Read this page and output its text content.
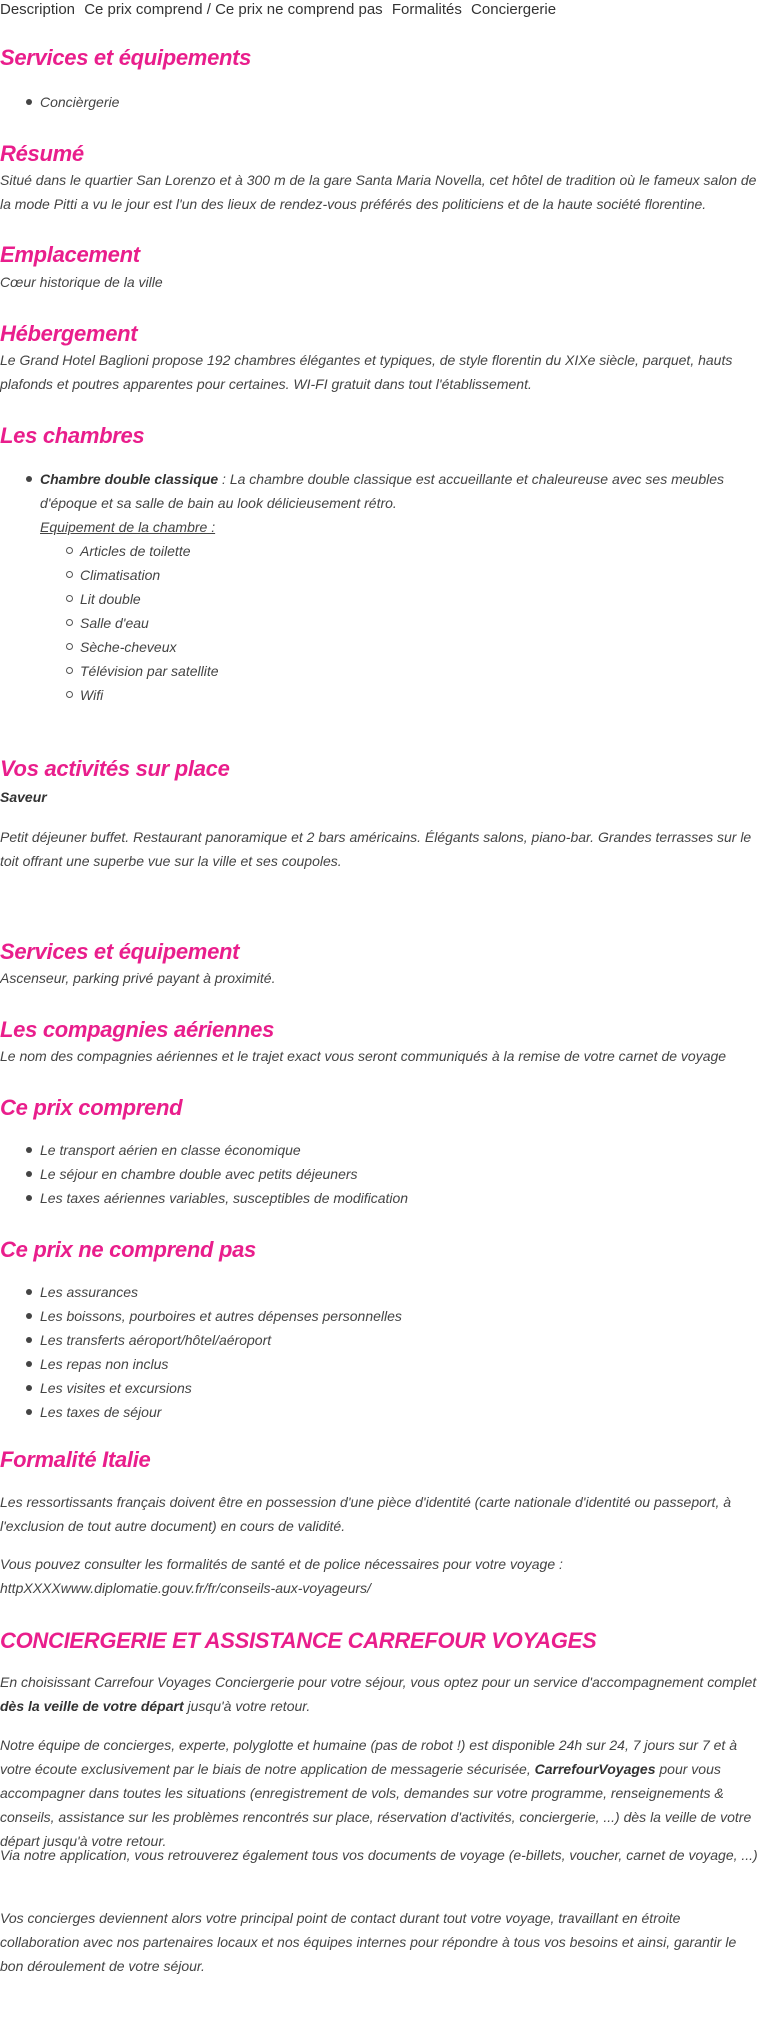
Description Ce prix comprend / Ce prix ne comprend pas Formalités Conciergerie
Services et équipements
Concièrgerie
Résumé

Situé dans le quartier San Lorenzo et à 300 m de la gare Santa Maria Novella, cet hôtel de tradition où le fameux salon de la mode Pitti a vu le jour est l'un des lieux de rendez-vous préférés des politiciens et de la haute société florentine.

Emplacement

Cœur historique de la ville

Hébergement

Le Grand Hotel Baglioni propose 192 chambres élégantes et typiques, de style florentin du XIXe siècle, parquet, hauts plafonds et poutres apparentes pour certaines. WI-FI gratuit dans tout l'établissement.

Les chambres
Chambre double classique : La chambre double classique est accueillante et chaleureuse avec ses meubles d'époque et sa salle de bain au look délicieusement rétro.
Equipement de la chambre :
Articles de toilette
Climatisation
Lit double
Salle d'eau
Sèche-cheveux
Télévision par satellite
Wifi
Vos activités sur place

Saveur

Petit déjeuner buffet. Restaurant panoramique et 2 bars américains. Élégants salons, piano-bar. Grandes terrasses sur le toit offrant une superbe vue sur la ville et ses coupoles.

Services et équipement

Ascenseur, parking privé payant à proximité.

Les compagnies aériennes

Le nom des compagnies aériennes et le trajet exact vous seront communiqués à la remise de votre carnet de voyage

Ce prix comprend
Le transport aérien en classe économique
Le séjour en chambre double avec petits déjeuners
Les taxes aériennes variables, susceptibles de modification
Ce prix ne comprend pas
Les assurances
Les boissons, pourboires et autres dépenses personnelles
Les transferts aéroport/hôtel/aéroport
Les repas non inclus
Les visites et excursions
Les taxes de séjour
Formalité Italie

Les ressortissants français doivent être en possession d'une pièce d'identité (carte nationale d'identité ou passeport, à l'exclusion de tout autre document) en cours de validité.

Vous pouvez consulter les formalités de santé et de police nécessaires pour votre voyage : httpXXXXwww.diplomatie.gouv.fr/fr/conseils-aux-voyageurs/

CONCIERGERIE ET ASSISTANCE CARREFOUR VOYAGES

En choisissant Carrefour Voyages Conciergerie pour votre séjour, vous optez pour un service d'accompagnement complet dès la veille de votre départ jusqu'à votre retour.

Notre équipe de concierges, experte, polyglotte et humaine (pas de robot !) est disponible 24h sur 24, 7 jours sur 7 et à votre écoute exclusivement par le biais de notre application de messagerie sécurisée, CarrefourVoyages pour vous accompagner dans toutes les situations (enregistrement de vols, demandes sur votre programme, renseignements & conseils, assistance sur les problèmes rencontrés sur place, réservation d'activités, conciergerie, ...) dès la veille de votre départ jusqu'à votre retour.

Via notre application, vous retrouverez également tous vos documents de voyage (e-billets, voucher, carnet de voyage, ...)

Vos concierges deviennent alors votre principal point de contact durant tout votre voyage, travaillant en étroite collaboration avec nos partenaires locaux et nos équipes internes pour répondre à tous vos besoins et ainsi, garantir le bon déroulement de votre séjour.
